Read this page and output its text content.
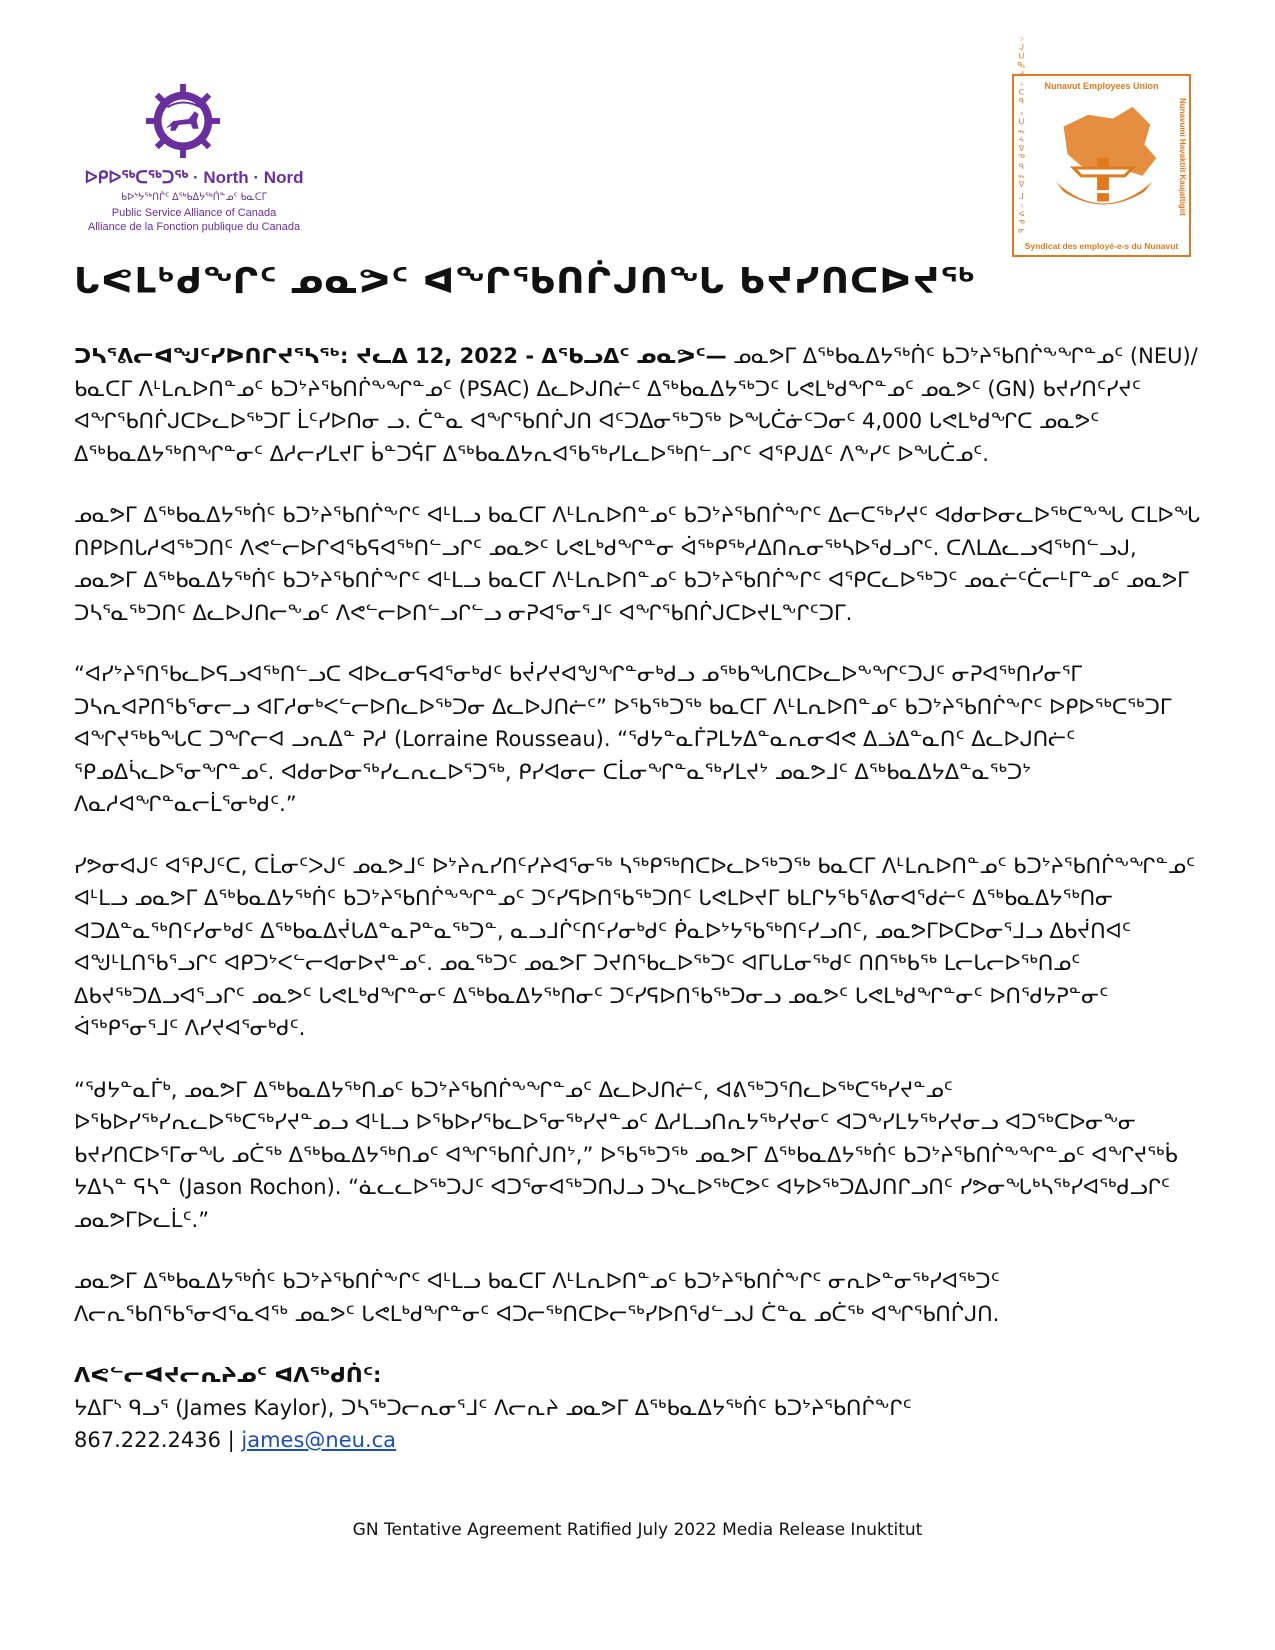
ᐅᑭᐅᖅᑕᖅᑐᖅ · North · Nord
ᑲᐅᔾᔭᖅᑎᒌᑦ ᐃᖅᑲᐃᔭᖅᑏᓐᓄᑦ ᑲᓇᑕᒥ
Public Service Alliance of Canada
Alliance de la Fonction publique du Canada
Nunavut Employees Union
Nunavumi Havaktiit Kaujattigiit
ᓄᓇᕗᒻᒥ ᐃᖅᑲᓇᐃᔭᖅᑏᑦ ᑲᑐᔾᔨᖃᑎᒌᑦ
Syndicat des employé-e-s du Nunavut
ᒐᕙᒪᒃᑯᖏᑦ ᓄᓇᕗᑦ ᐊᖏᖃᑎᒌᒍᑎᖓ ᑲᔪᓯᑎᑕᐅᔪᖅ

ᑐᓴᕐᕕᓕᐊᖑᑦᓯᐅᑎᒋᔪᕐᓴᖅ: ᔪᓚᐃ 12, 2022 - ᐃᖃᓗᐃᑦ ᓄᓇᕗᑦ— ᓄᓇᕗᒥ ᐃᖅᑲᓇᐃᔭᖅᑏᑦ ᑲᑐᔾᔨᖃᑎᒌᖕᖏᓐᓄᑦ (NEU)/ᑲᓇᑕᒥ ᐱᒻᒪᕆᐅᑎᓐᓄᑦ ᑲᑐᔾᔨᖃᑎᒌᖕᖏᓐᓄᑦ (PSAC) ᐃᓚᐅᒍᑎᓖᑦ ᐃᖅᑲᓇᐃᔭᖅᑐᑦ ᒐᕙᒪᒃᑯᖏᓐᓄᑦ ᓄᓇᕗᑦ (GN) ᑲᔪᓯᑎᑦᓯᔪᑦ ᐊᖏᖃᑎᒌᒍᑕᐅᓚᐅᖅᑐᒥ ᒫᑦᓯᐅᑎᓂ ᓗ. ᑖᓐᓇ ᐊᖏᖃᑎᒌᒍᑎ ᐊᑦᑐᐃᓂᖅᑐᖅ ᐅᖓᑖᓃᑦᑐᓂᑦ 4,000 ᒐᕙᒪᒃᑯᖏᑕ ᓄᓇᕗᑦ ᐃᖅᑲᓇᐃᔭᖅᑎᖏᓐᓂᑦ ᐃᓱᓕᓯᒪᔪᒥ ᑳᓐᑐᕌᒥ ᐃᖅᑲᓇᐃᔭᕆᐊᖃᖅᓯᒪᓚᐅᖅᑎᓪᓗᒋᑦ ᐊᕿᒍᐃᑦ ᐱᖕᓯᑦ ᐅᖓᑖᓄᑦ.

ᓄᓇᕗᒥ ᐃᖅᑲᓇᐃᔭᖅᑏᑦ ᑲᑐᔾᔨᖃᑎᒌᖕᒋᑦ ᐊᒻᒪᓗ ᑲᓇᑕᒥ ᐱᒻᒪᕆᐅᑎᓐᓄᑦ ᑲᑐᔾᔨᖃᑎᒌᖕᒋᑦ ᐃᓕᑕᖅᓯᔪᑦ ᐊᑯᓂᐅᓂᓚᐅᖅᑕᖕᖓ ᑕᒪᐅᖓ ᑎᑭᐅᑎᒐᓱᐊᖅᑐᑎᑦ ᐱᕙᓪᓕᐅᒋᐊᖃᕋᐊᖅᑎᓪᓗᒋᑦ ᓄᓇᕗᑦ ᒐᕙᒪᒃᑯᖏᓐᓂ ᐋᖅᑭᖅᓱᐃᑎᕆᓂᖅᓴᐅᕐᑯᓗᒋᑦ. ᑕᐱᒪᐃᓚᓗᐊᖅᑎᓪᓗᒍ, ᓄᓇᕗᒥ ᐃᖅᑲᓇᐃᔭᖅᑏᑦ ᑲᑐᔾᔨᖃᑎᒌᖕᒋᑦ ᐊᒻᒪᓗ ᑲᓇᑕᒥ ᐱᒻᒪᕆᐅᑎᓐᓄᑦ ᑲᑐᔾᔨᖃᑎᒌᖕᒋᑦ ᐊᕿᑕᓚᐅᖅᑐᑦ ᓄᓇᓖᑦᑖᓕᒻᒥᓐᓄᑦ ᓄᓇᕗᒥ ᑐᓴᕐᓇᖅᑐᑎᑦ ᐃᓚᐅᒍᑎᓕᖕᓄᑦ ᐱᕙᓪᓕᐅᑎᓪᓗᒋᓪᓗ ᓂᕈᐊᕐᓂᕐᒧᑦ ᐊᖏᖃᑎᒌᒍᑕᐅᔪᒪᖕᒋᑦᑐᒥ.

“ᐊᓯᔾᔨᕐᑎᖃᓚᐅᕋᓗᐊᖅᑎᓪᓗᑕ ᐊᐅᓚᓂᕋᐊᕐᓂᒃᑯᑦ ᑲᔫᓯᔪᐊᖑᖏᓐᓂᒃᑯᓗ ᓄᖅᑲᖓᑎᑕᐅᓚᐅᖕᖏᑦᑐᒍᑦ ᓂᕈᐊᖅᑎᓯᓂᕐᒥ ᑐᓴᕆᐊᕈᑎᖃᕐᓂᓕᓗ ᐊᒥᓱᓂᒃᐸᓪᓕᐅᑎᓚᐅᖅᑐᓂ ᐃᓚᐅᒍᑎᓖᑦ” ᐅᖃᖅᑐᖅ ᑲᓇᑕᒥ ᐱᒻᒪᕆᐅᑎᓐᓄᑦ ᑲᑐᔾᔨᖃᑎᒌᖕᒋᑦ ᐅᑭᐅᖅᑕᖅᑐᒥ ᐊᖏᔪᖅᑲᖓᑕ ᑐᖏᓕᐊ ᓗᕆᐃᓐ ᕈᓱ (Lorraine Rousseau). “ᖁᔭᓐᓇᒦᕈᒪᔭᐃᓐᓇᕆᓂᐊᕙ ᐃᓘᐃᓐᓇᑎᑦ ᐃᓚᐅᒍᑎᓖᑦ ᕿᓄᐃᓵᓚᐅᕐᓂᖏᓐᓄᑦ. ᐊᑯᓂᐅᓂᖅᓯᓚᕆᓚᐅᕐᑐᖅ, ᑭᓯᐊᓂᓕ ᑕᒫᓂᖏᓐᓇᖅᓯᒪᔪᔾ ᓄᓇᕗᒧᑦ ᐃᖅᑲᓇᐃᔭᐃᓐᓇᖅᑐᔾ ᐱᓇᓱᐊᖏᓐᓇᓕᒫᕐᓂᒃᑯᑦ.”

ᓯᕗᓂᐊᒍᑦ ᐊᕿᒍᑦᑕ, ᑕᒫᓂᑦᐳᒍᑦ ᓄᓇᕗᒧᑦ ᐅᔾᔨᕆᓯᑎᑦᓯᔨᐊᕐᓂᖅ ᓴᖅᑭᖅᑎᑕᐅᓚᐅᖅᑐᖅ ᑲᓇᑕᒥ ᐱᒻᒪᕆᐅᑎᓐᓄᑦ ᑲᑐᔾᔨᖃᑎᒌᖕᖏᓐᓄᑦ ᐊᒻᒪᓗ ᓄᓇᕗᒥ ᐃᖅᑲᓇᐃᔭᖅᑏᑦ ᑲᑐᔾᔨᖃᑎᒌᖕᖏᓐᓄᑦ ᑐᑦᓯᕋᐅᑎᖃᖅᑐᑎᑦ ᒐᕙᒪᐅᔪᒥ ᑲᒪᒋᔭᖃᕐᕕᓂᐊᕐᑯᓖᑦ ᐃᖅᑲᓇᐃᔭᖅᑎᓂ ᐊᑐᐃᓐᓇᖅᑎᑦᓯᓂᒃᑯᑦ ᐃᖅᑲᓇᐃᔫᒐᐃᓐᓇᕈᓐᓇᖅᑐᓐ, ᓇᓗᒧᒌᑦᑎᑦᓯᓂᒃᑯᑦ ᑮᓇᐅᔾᔭᖃᖅᑎᑦᓯᓗᑎᑦ, ᓄᓇᕗᒥᐅᑕᐅᓂᕐᒧᓗ ᐃᑲᔫᑎᐊᑦ ᐊᖑᒻᒪᑎᖃᕐᓗᒋᑦ ᐊᑭᑐᔾᐸᓪᓕᐊᓂᐅᔪᓐᓄᑦ. ᓄᓇᖅᑐᑦ ᓄᓇᕗᒥ ᑐᔪᑎᖃᓚᐅᖅᑐᑦ ᐊᒥᒐᒪᓂᖅᑯᑦ ᑎᑎᖅᑲᖅ ᒪᓕᒐᓕᐅᖅᑎᓄᑦ ᐃᑲᔪᖅᑐᐃᓗᐊᕐᓗᒋᑦ ᓄᓇᕗᑦ ᒐᕙᒪᒃᑯᖏᓐᓂᑦ ᐃᖅᑲᓇᐃᔭᖅᑎᓂᑦ ᑐᑦᓯᕋᐅᑎᖃᖅᑐᓂᓗ ᓄᓇᕗᑦ ᒐᕙᒪᒃᑯᖏᓐᓂᑦ ᐅᑎᖁᔭᕈᓐᓂᑦ ᐋᖅᑭᕐᓂᕐᒧᑦ ᐱᓯᔪᐊᕐᓂᒃᑯᑦ.

“ᖁᔭᓐᓇᒦᒃ, ᓄᓇᕗᒥ ᐃᖅᑲᓇᐃᔭᖅᑎᓄᑦ ᑲᑐᔾᔨᖃᑎᒌᖕᖏᓐᓄᑦ ᐃᓚᐅᒍᑎᓖᑦ, ᐊᕕᖅᑐᕐᑎᓚᐅᖅᑕᖅᓯᔪᓐᓄᑦ ᐅᖃᐅᓯᖅᓯᕆᓚᐅᖅᑕᖅᓯᔪᓐᓄᓗ ᐊᒻᒪᓗ ᐅᖃᐅᓯᖃᓚᐅᕐᓂᖅᓯᔪᓐᓄᑦ ᐃᓱᒪᓗᑎᕆᔭᖅᓯᔪᓂᑦ ᐊᑐᖕᓯᒪᔭᖅᓯᔪᓂᓗ ᐊᑐᖅᑕᐅᓂᖕᓂ ᑲᔪᓯᑎᑕᐅᕐᒥᓂᖓ ᓄᑖᖅ ᐃᖅᑲᓇᐃᔭᖅᑎᓄᑦ ᐊᖏᖃᑎᒌᒍᑎᔾ,” ᐅᖃᖅᑐᖅ ᓄᓇᕗᒥ ᐃᖅᑲᓇᐃᔭᖅᑏᑦ ᑲᑐᔾᔨᖃᑎᒌᖕᖏᓐᓄᑦ ᐊᖏᔪᖅᑳ ᔭᐃᓴᓐ ᕋᓴᓐ (Jason Rochon). “ᓈᓚᓚᐅᖅᑐᒍᑦ ᐊᑐᕐᓂᐊᖅᑐᑎᒍᓗ ᑐᓴᓚᐅᖅᑕᕗᑦ ᐊᔭᐅᖅᑐᐃᒍᑎᒋᓗᑎᑦ ᓯᕗᓂᖓᒃᓴᖅᓯᐊᖅᑯᓗᒋᑦ ᓄᓇᕗᒥᐅᓚᒫᑦ.”

ᓄᓇᕗᒥ ᐃᖅᑲᓇᐃᔭᖅᑏᑦ ᑲᑐᔾᔨᖃᑎᒌᖕᒋᑦ ᐊᒻᒪᓗ ᑲᓇᑕᒥ ᐱᒻᒪᕆᐅᑎᓐᓄᑦ ᑲᑐᔾᔨᖃᑎᒌᖕᒋᑦ ᓂᕆᐅᓐᓂᖅᓯᐊᖅᑐᑦ ᐱᓕᕆᖃᑎᖃᕐᓂᐊᕐᓇᐊᖅ ᓄᓇᕗᑦ ᒐᕙᒪᒃᑯᖏᓐᓂᑦ ᐊᑐᓕᖅᑎᑕᐅᓕᖅᓯᐅᑎᖁᓪᓗᒍ ᑖᓐᓇ ᓄᑖᖅ ᐊᖏᖃᑎᒌᒍᑎ.

ᐱᕙᓪᓕᐊᔪᓕᕆᔨᓄᑦ ᐊᐱᖅᑯᑏᑦ:
ᔭᐃᒥᔅ ᑫᓗᕐ (James Kaylor), ᑐᓴᖅᑐᓕᕆᓂᕐᒧᑦ ᐱᓕᕆᔨ ᓄᓇᕗᒥ ᐃᖅᑲᓇᐃᔭᖅᑏᑦ ᑲᑐᔾᔨᖃᑎᒌᖕᒋᑦ
867.222.2436 | james@neu.ca
GN Tentative Agreement Ratified July 2022 Media Release Inuktitut
